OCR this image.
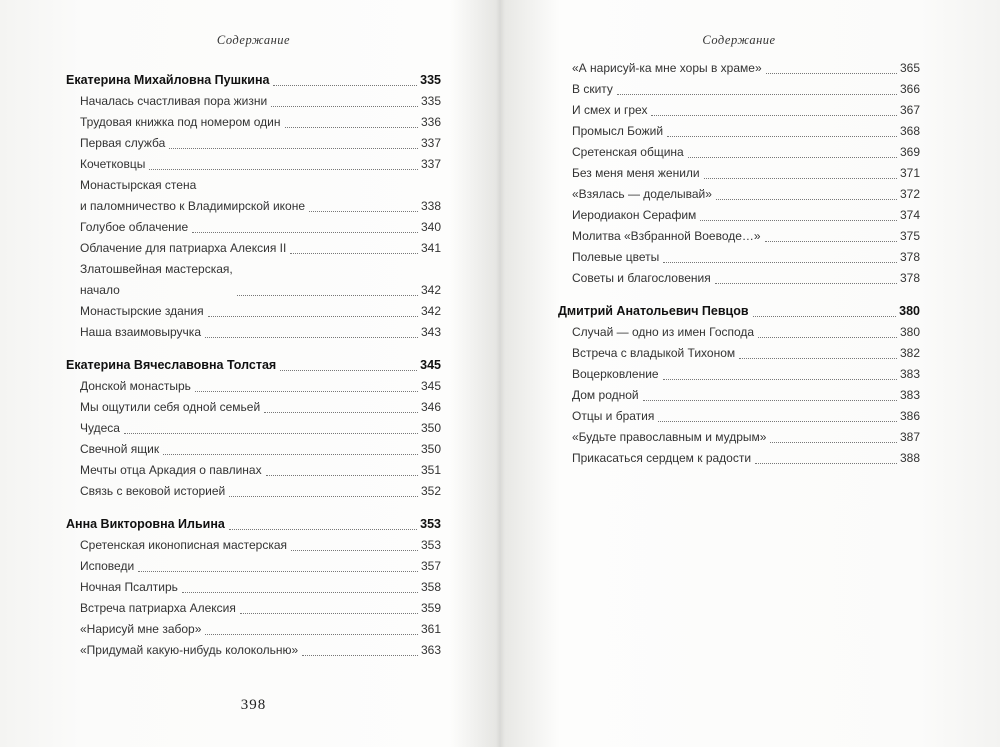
Содержание
Екатерина Михайловна Пушкина	335
Началась счастливая пора жизни	335
Трудовая книжка под номером один	336
Первая служба	337
Кочетковцы	337
Монастырская стена
и паломничество к Владимирской иконе	338
Голубое облачение	340
Облачение для патриарха Алексия II	341
Златошвейная мастерская,
начало	342
Монастырские здания	342
Наша взаимовыручка	343
Екатерина Вячеславовна Толстая	345
Донской монастырь	345
Мы ощутили себя одной семьей	346
Чудеса	350
Свечной ящик	350
Мечты отца Аркадия о павлинах	351
Связь с вековой историей	352
Анна Викторовна Ильина	353
Сретенская иконописная мастерская	353
Исповеди	357
Ночная Псалтирь	358
Встреча патриарха Алексия	359
«Нарисуй мне забор»	361
«Придумай какую-нибудь колокольню»	363
398
Содержание
«А нарисуй-ка мне хоры в храме»	365
В скиту	366
И смех и грех	367
Промысл Божий	368
Сретенская община	369
Без меня меня женили	371
«Взялась — доделывай»	372
Иеродиакон Серафим	374
Молитва «Взбранной Воеводе…»	375
Полевые цветы	378
Советы и благословения	378
Дмитрий Анатольевич Певцов	380
Случай — одно из имен Господа	380
Встреча с владыкой Тихоном	382
Воцерковление	383
Дом родной	383
Отцы и братия	386
«Будьте православным и мудрым»	387
Прикасаться сердцем к радости	388
